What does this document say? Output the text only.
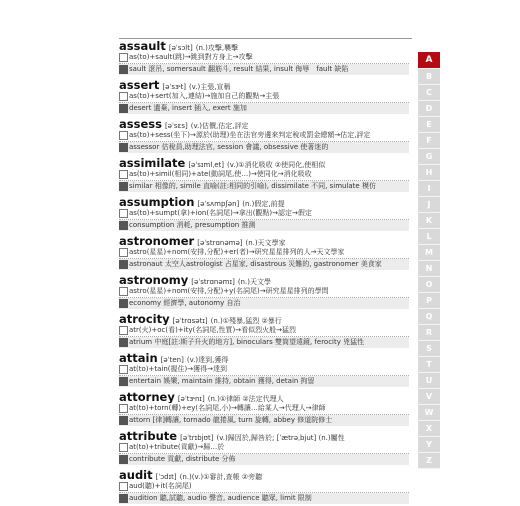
assault [əˈsɔlt] (n.)攻擊,襲擊
as(to)+sault(跳)→跳到對方身上→攻擊
sault 滾吊, somersault 翻筋斗, result 結果, insult 侮辱　fault 缺陷
assert [əˈsɝt] (v.)主張,宣稱
as(to)+sert(加入,連結)→施加自己的觀點→主張
desert 遺棄, insert 插入, exert 施加
assess [əˈsɛs] (v.)估價,估定,評定
as(to)+sess(坐下)→源於(助理)坐在法官旁邊來判定稅或罰金總額→估定,評定
assessor 估稅員,助理法官, session 會議, obsessive 使著迷的
assimilate [əˈsɪmlˌet] (v.)①消化吸收 ②使同化,使相似
as(to)+simil(相同)+ate(動詞尾,使…)→使同化→消化吸收
similar 相像的, simile 直喻(註:相同的引喻), dissimilate 不同, simulate 模仿
assumption [əˈsʌmpʃən] (n.)假定,前提
as(to)+sumpt(拿)+ion(名詞尾)→拿出(觀點)→認定→假定
consumption 消耗, presumption 推測
astronomer [əˈstrɑnəmə] (n.)天文學家
astro(星星)+nom(安排,分配)+er(者)→研究星星排列的人→天文學家
astronaut 太空人astrologist 占星家, disastrous 災難的, gastronomer 美食家
astronomy [əˈstrɑnəmɪ] (n.)天文學
astro(星星)+nom(安排,分配)+y(名詞尾)→研究星星排列的學問
economy 經濟學, autonomy 自治
atrocity [əˈtrɑsətɪ] (n.)①殘暴,猛烈 ②暴行
atr(火)+oc(看)+ity(名詞尾,性質)→看似烈火般→猛烈
atrium 中庭[註:斯子升火的地方], binoculars 雙筒望遠鏡, ferocity 兇猛性
attain [əˈten] (v.)達到,獲得
at(to)+tain(握住)→獲得→達到
entertain 娛樂, maintain 維持, obtain 獲得, detain 拘留
attorney [əˈtɝnɪ] (n.)①律師 ②法定代理人
at(to)+torn(轉)+ey(名詞尾,小)→轉讓…給某人→代理人→律師
attorn [律]轉讓, tornado 龍捲風, turn 旋轉, abbey 修道院修士
attribute [əˈtrɪbjʊt] (v.)歸因於,歸咎於; [ˈætrəˌbjut] (n.)屬性
at(to)+tribute(貢獻)→歸…於
contribute 貢獻, distribute 分佈
audit [ˈɔdɪt] (n.)(v.)①審計,查帳 ②旁聽
aud(聽)+it(名詞尾)
audition 聽,試聽, audio 聲音, audience 聽眾, limit 限制
A
B
C
D
E
F
G
H
I
J
K
L
M
N
O
P
Q
R
S
T
U
V
W
X
Y
Z
